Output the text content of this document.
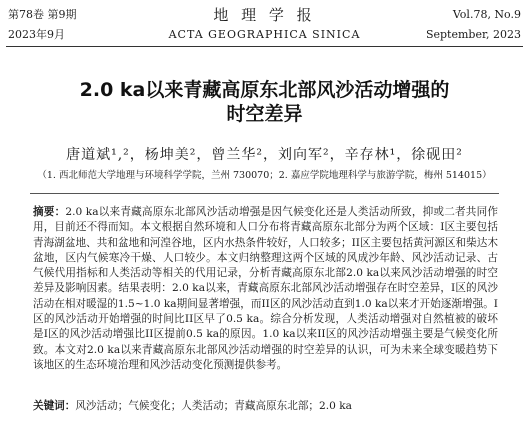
第78卷 第9期
2023年9月
地 理 学 报
ACTA GEOGRAPHICA SINICA
Vol.78, No.9
September, 2023
2.0 ka以来青藏高原东北部风沙活动增强的
时空差异
唐道斌¹,²，杨坤美²，曾兰华²，刘向军²，辛存林¹，徐砚田²
（1. 西北师范大学地理与环境科学学院，兰州 730070；2. 嘉应学院地理科学与旅游学院，梅州 514015）
摘要：2.0 ka以来青藏高原东北部风沙活动增强是因气候变化还是人类活动所致，抑或二者共同作用，目前还不得而知。本文根据自然环境和人口分布将青藏高原东北部分为两个区域：I区主要包括青海湖盆地、共和盆地和河湟谷地，区内水热条件较好，人口较多；II区主要包括黄河源区和柴达木盆地，区内气候寒冷干燥、人口较少。本文归纳整理这两个区域的风成沙年龄、风沙活动记录、古气候代用指标和人类活动等相关的代用记录，分析青藏高原东北部2.0 ka以来风沙活动增强的时空差异及影响因素。结果表明：2.0 ka以来，青藏高原东北部风沙活动增强存在时空差异，I区的风沙活动在相对暖湿的1.5~1.0 ka期间显著增强，而II区的风沙活动直到1.0 ka以来才开始逐渐增强。I区的风沙活动开始增强的时间比II区早了0.5 ka。综合分析发现，人类活动增强对自然植被的破坏是I区的风沙活动增强比II区提前0.5 ka的原因。1.0 ka以来II区的风沙活动增强主要是气候变化所致。本文对2.0 ka以来青藏高原东北部风沙活动增强的时空差异的认识，可为未来全球变暖趋势下该地区的生态环境治理和风沙活动变化预测提供参考。
关键词：风沙活动；气候变化；人类活动；青藏高原东北部；2.0 ka
